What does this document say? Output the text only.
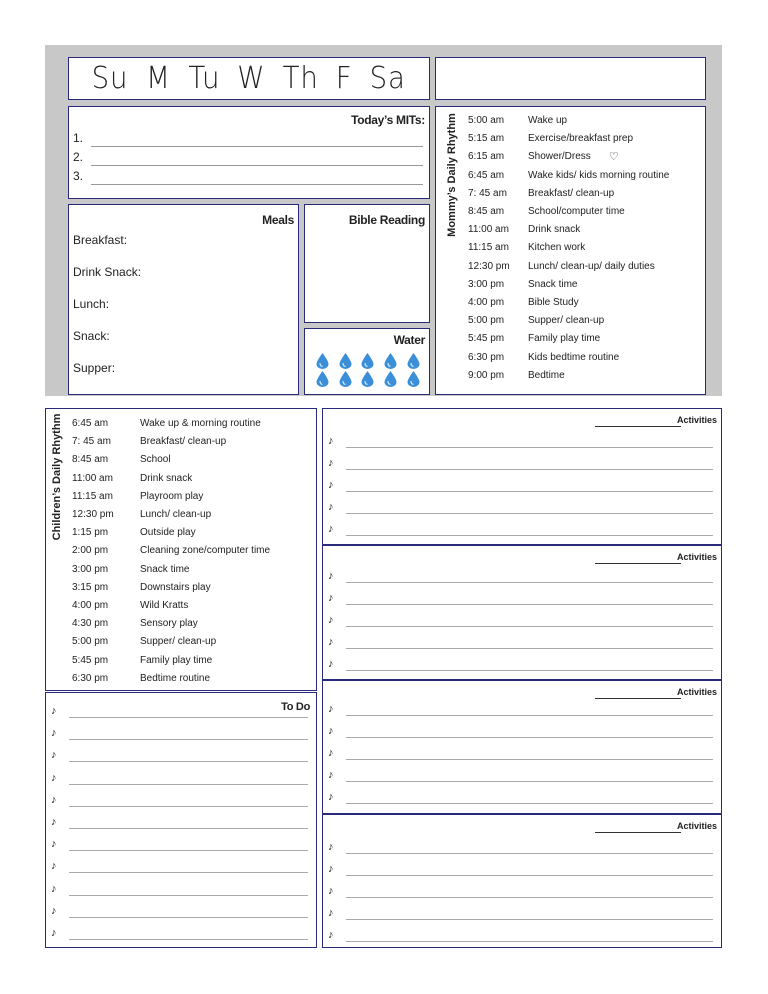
Su M Tu W Th F Sa
Today’s MITs:
1.
2.
3.
Meals
Breakfast:
Drink Snack:
Lunch:
Snack:
Supper:
Bible Reading
Water
Mommy’s Daily Rhythm 5:00 am	Wake up
5:15 am	Exercise/breakfast prep
6:15 am	Shower/Dress ♡
6:45 am	Wake kids/ kids morning routine
7: 45 am	Breakfast/ clean-up
8:45 am	School/computer time
11:00 am	Drink snack
11:15 am	Kitchen work
12:30 pm	Lunch/ clean-up/ daily duties
3:00 pm	Snack time
4:00 pm	Bible Study
5:00 pm	Supper/ clean-up
5:45 pm	Family play time
6:30 pm	Kids bedtime routine
9:00 pm	Bedtime
Children’s Daily Rhythm 6:45 am	Wake up & morning routine
7: 45 am	Breakfast/ clean-up
8:45 am	School
11:00 am	Drink snack
11:15 am	Playroom play
12:30 pm	Lunch/ clean-up
1:15 pm	Outside play
2:00 pm	Cleaning zone/computer time
3:00 pm	Snack time
3:15 pm	Downstairs play
4:00 pm	Wild Kratts
4:30 pm	Sensory play
5:00 pm	Supper/ clean-up
5:45 pm	Family play time
6:30 pm	Bedtime routine
To Do
♪
♪
♪
♪
♪
♪
♪
♪
♪
♪
♪
Activities
♪
♪
♪
♪
♪
Activities
♪
♪
♪
♪
♪
Activities
♪
♪
♪
♪
♪
Activities
♪
♪
♪
♪
♪
